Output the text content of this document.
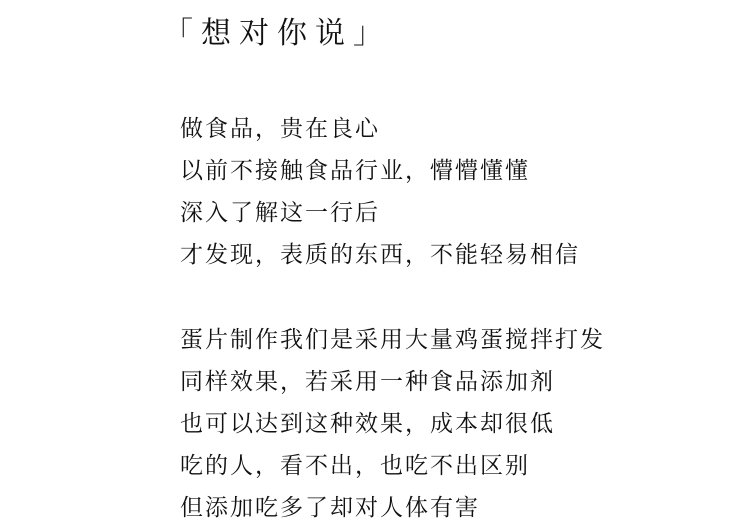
「想对你说」
做食品，贵在良心
以前不接触食品行业，懵懵懂懂
深入了解这一行后
才发现，表质的东西，不能轻易相信
蛋片制作我们是采用大量鸡蛋搅拌打发
同样效果，若采用一种食品添加剂
也可以达到这种效果，成本却很低
吃的人，看不出，也吃不出区别
但添加吃多了却对人体有害
